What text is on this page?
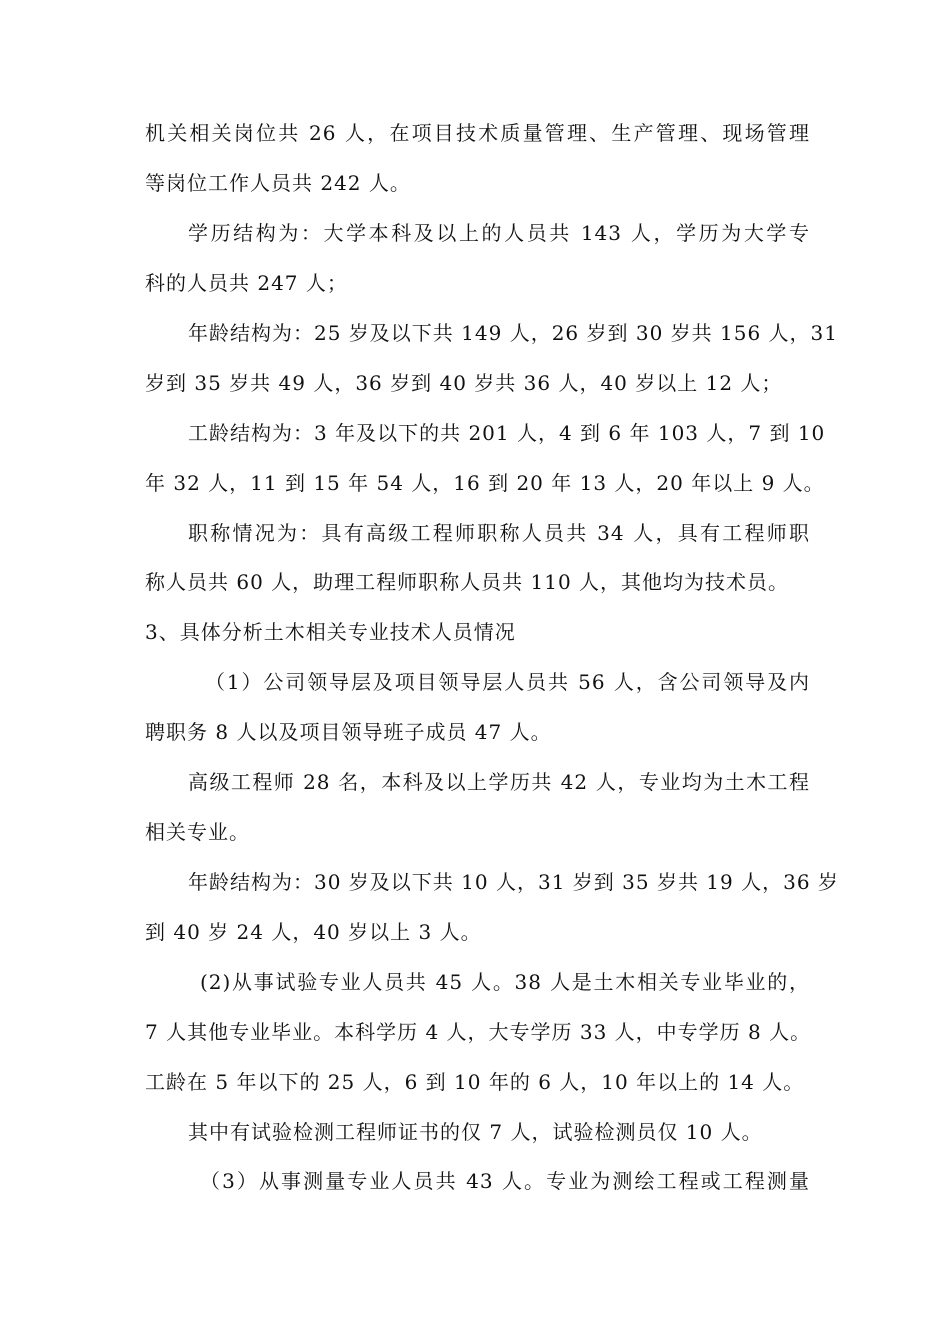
机关相关岗位共 26 人，在项目技术质量管理、生产管理、现场管理
等岗位工作人员共 242 人。
学历结构为：大学本科及以上的人员共 143 人，学历为大学专
科的人员共 247 人；
年龄结构为：25 岁及以下共 149 人，26 岁到 30 岁共 156 人，31
岁到 35 岁共 49 人，36 岁到 40 岁共 36 人，40 岁以上 12 人；
工龄结构为：3 年及以下的共 201 人，4 到 6 年 103 人，7 到 10
年 32 人，11 到 15 年 54 人，16 到 20 年 13 人，20 年以上 9 人。
职称情况为：具有高级工程师职称人员共 34 人，具有工程师职
称人员共 60 人，助理工程师职称人员共 110 人，其他均为技术员。
3、具体分析土木相关专业技术人员情况
（1）公司领导层及项目领导层人员共 56 人，含公司领导及内
聘职务 8 人以及项目领导班子成员 47 人。
高级工程师 28 名，本科及以上学历共 42 人，专业均为土木工程
相关专业。
年龄结构为：30 岁及以下共 10 人，31 岁到 35 岁共 19 人，36 岁
到 40 岁 24 人，40 岁以上 3 人。
(2)从事试验专业人员共 45 人。38 人是土木相关专业毕业的，
7 人其他专业毕业。本科学历 4 人，大专学历 33 人，中专学历 8 人。
工龄在 5 年以下的 25 人，6 到 10 年的 6 人，10 年以上的 14 人。
其中有试验检测工程师证书的仅 7 人，试验检测员仅 10 人。
（3）从事测量专业人员共 43 人。专业为测绘工程或工程测量
